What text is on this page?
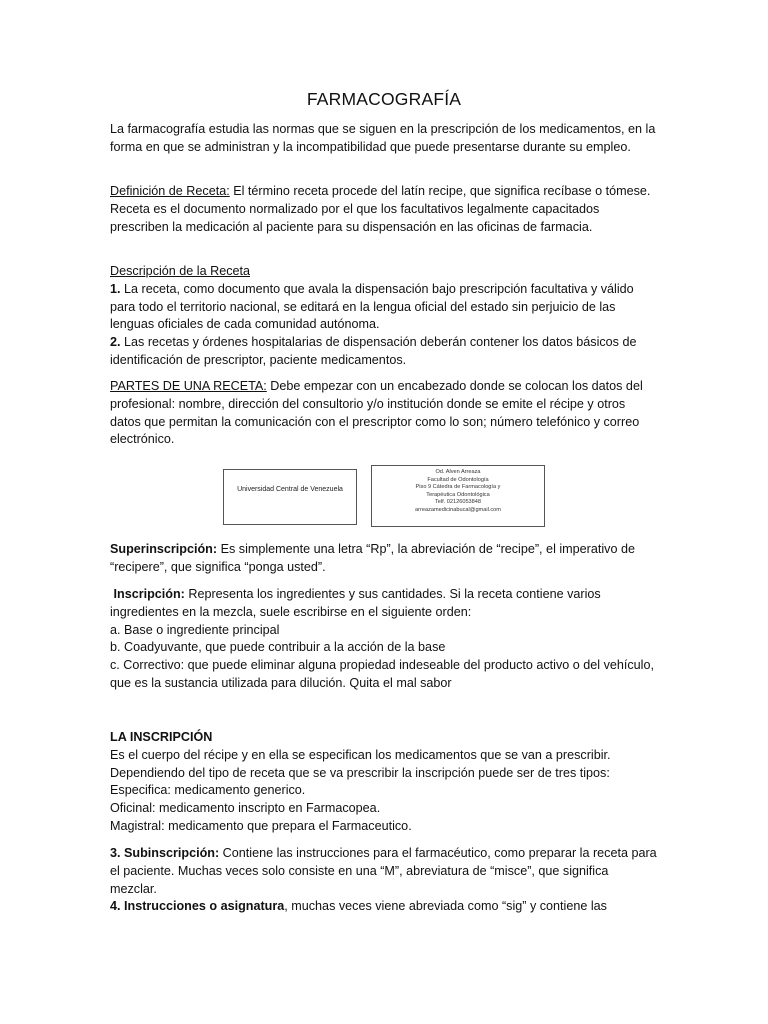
FARMACOGRAFÍA

La farmacografía estudia las normas que se siguen en la prescripción de los medicamentos, en la forma en que se administran y la incompatibilidad que puede presentarse durante su empleo.

Definición de Receta: El término receta procede del latín recipe, que significa recíbase o tómese. Receta es el documento normalizado por el que los facultativos legalmente capacitados prescriben la medicación al paciente para su dispensación en las oficinas de farmacia.

Descripción de la Receta

1. La receta, como documento que avala la dispensación bajo prescripción facultativa y válido para todo el territorio nacional, se editará en la lengua oficial del estado sin perjuicio de las lenguas oficiales de cada comunidad autónoma.

2. Las recetas y órdenes hospitalarias de dispensación deberán contener los datos básicos de identificación de prescriptor, paciente medicamentos.

PARTES DE UNA RECETA: Debe empezar con un encabezado donde se colocan los datos del profesional: nombre, dirección del consultorio y/o institución donde se emite el récipe y otros datos que permitan la comunicación con el prescriptor como lo son; número telefónico y correo electrónico.

Universidad Central de Venezuela
Od. Alven Arreaza
Facultad de Odontología
Piso 9 Cátedra de Farmacología y
Terapéutica Odontológica
Telf. 02126053848
arreazamedicinabucal@gmail.com

Superinscripción: Es simplemente una letra “Rp”, la abreviación de “recipe”, el imperativo de “recipere”, que significa “ponga usted”.

Inscripción: Representa los ingredientes y sus cantidades. Si la receta contiene varios ingredientes en la mezcla, suele escribirse en el siguiente orden:

a. Base o ingrediente principal

b. Coadyuvante, que puede contribuir a la acción de la base

c. Correctivo: que puede eliminar alguna propiedad indeseable del producto activo o del vehículo, que es la sustancia utilizada para dilución. Quita el mal sabor

LA INSCRIPCIÓN

Es el cuerpo del récipe y en ella se especifican los medicamentos que se van a prescribir.

Dependiendo del tipo de receta que se va prescribir la inscripción puede ser de tres tipos:

Especifica: medicamento generico.

Oficinal: medicamento inscripto en Farmacopea.

Magistral: medicamento que prepara el Farmaceutico.

3. Subinscripción: Contiene las instrucciones para el farmacéutico, como preparar la receta para el paciente. Muchas veces solo consiste en una “M”, abreviatura de “misce”, que significa mezclar.

4. Instrucciones o asignatura, muchas veces viene abreviada como “sig” y contiene las
